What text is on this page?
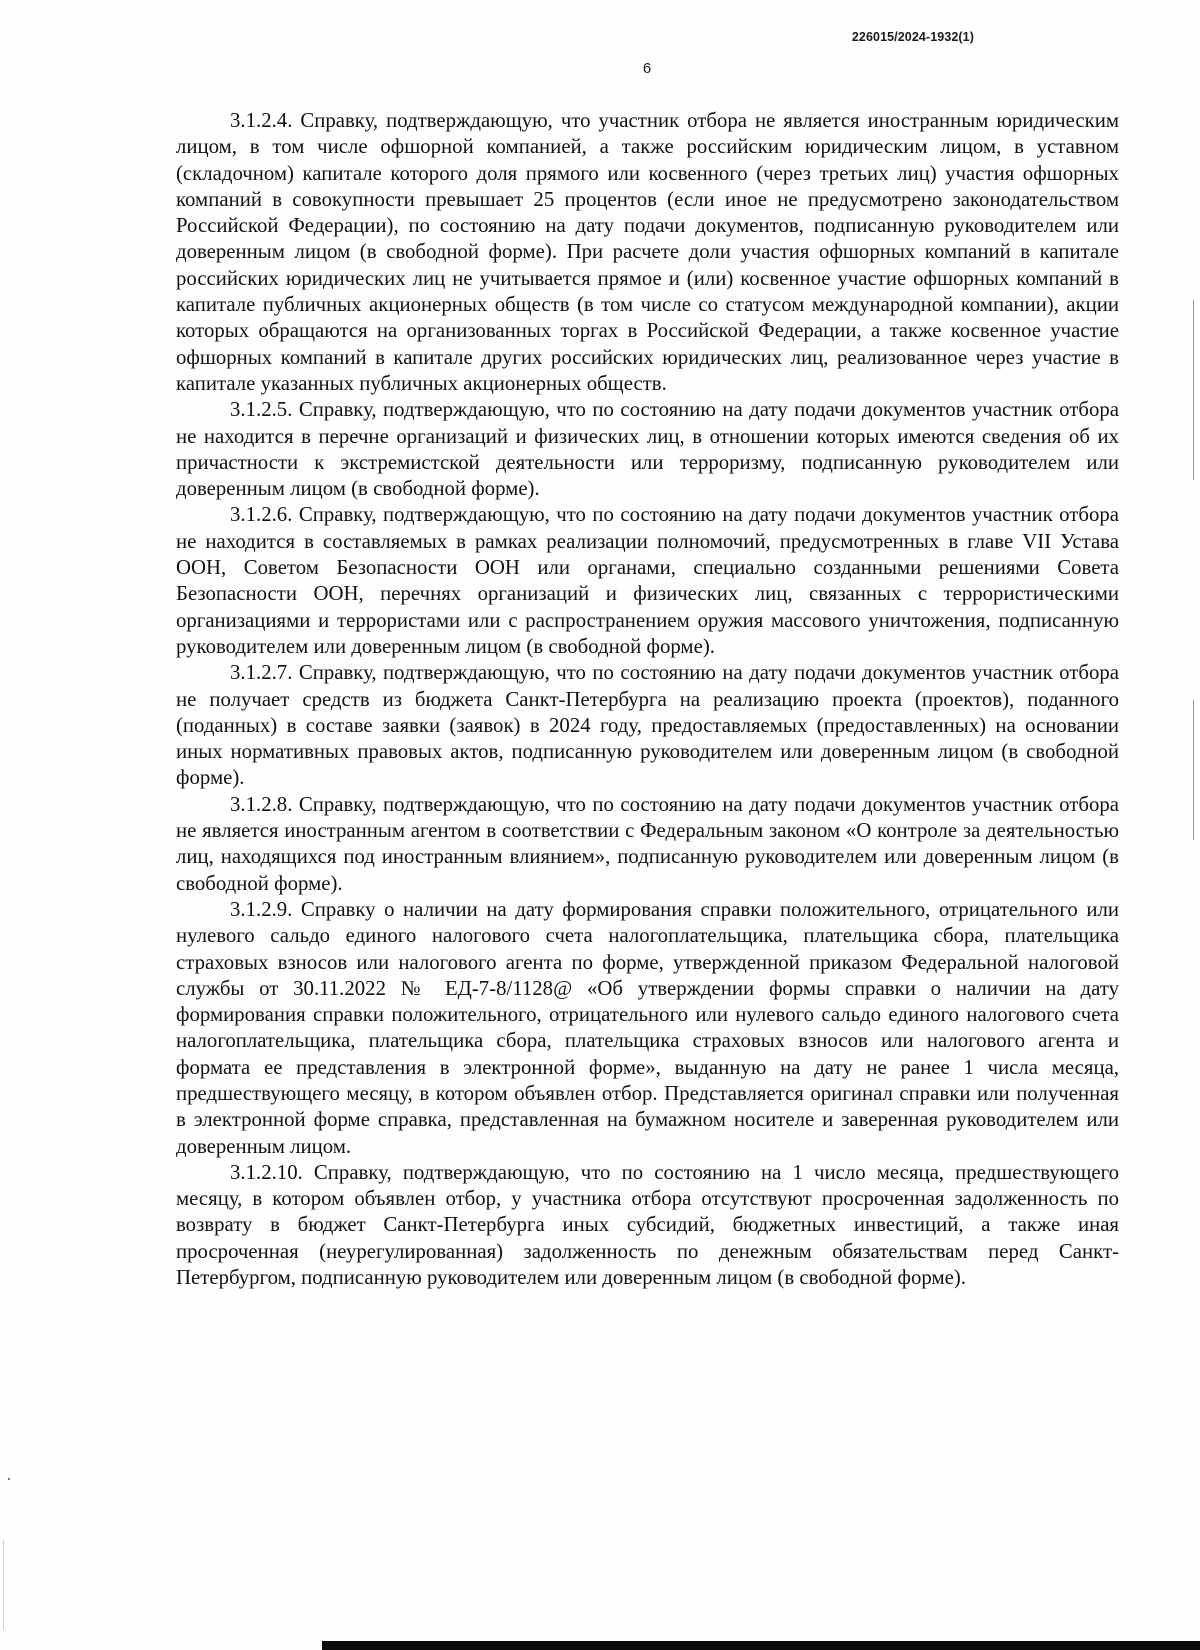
226015/2024-1932(1)
6

3.1.2.4. Справку, подтверждающую, что участник отбора не является иностранным юридическим лицом, в том числе офшорной компанией, а также российским юридическим лицом, в уставном (складочном) капитале которого доля прямого или косвенного (через третьих лиц) участия офшорных компаний в совокупности превышает 25 процентов (если иное не предусмотрено законодательством Российской Федерации), по состоянию на дату подачи документов, подписанную руководителем или доверенным лицом (в свободной форме). При расчете доли участия офшорных компаний в капитале российских юридических лиц не учитывается прямое и (или) косвенное участие офшорных компаний в капитале публичных акционерных обществ (в том числе со статусом международной компании), акции которых обращаются на организованных торгах в Российской Федерации, а также косвенное участие офшорных компаний в капитале других российских юридических лиц, реализованное через участие в капитале указанных публичных акционерных обществ.

3.1.2.5. Справку, подтверждающую, что по состоянию на дату подачи документов участник отбора не находится в перечне организаций и физических лиц, в отношении которых имеются сведения об их причастности к экстремистской деятельности или терроризму, подписанную руководителем или доверенным лицом (в свободной форме).

3.1.2.6. Справку, подтверждающую, что по состоянию на дату подачи документов участник отбора не находится в составляемых в рамках реализации полномочий, предусмотренных в главе VII Устава ООН, Советом Безопасности ООН или органами, специально созданными решениями Совета Безопасности ООН, перечнях организаций и физических лиц, связанных с террористическими организациями и террористами или с распространением оружия массового уничтожения, подписанную руководителем или доверенным лицом (в свободной форме).

3.1.2.7. Справку, подтверждающую, что по состоянию на дату подачи документов участник отбора не получает средств из бюджета Санкт-Петербурга на реализацию проекта (проектов), поданного (поданных) в составе заявки (заявок) в 2024 году, предоставляемых (предоставленных) на основании иных нормативных правовых актов, подписанную руководителем или доверенным лицом (в свободной форме).

3.1.2.8. Справку, подтверждающую, что по состоянию на дату подачи документов участник отбора не является иностранным агентом в соответствии с Федеральным законом «О контроле за деятельностью лиц, находящихся под иностранным влиянием», подписанную руководителем или доверенным лицом (в свободной форме).

3.1.2.9. Справку о наличии на дату формирования справки положительного, отрицательного или нулевого сальдо единого налогового счета налогоплательщика, плательщика сбора, плательщика страховых взносов или налогового агента по форме, утвержденной приказом Федеральной налоговой службы от 30.11.2022 № ЕД-7-8/1128@ «Об утверждении формы справки о наличии на дату формирования справки положительного, отрицательного или нулевого сальдо единого налогового счета налогоплательщика, плательщика сбора, плательщика страховых взносов или налогового агента и формата ее представления в электронной форме», выданную на дату не ранее 1 числа месяца, предшествующего месяцу, в котором объявлен отбор. Представляется оригинал справки или полученная в электронной форме справка, представленная на бумажном носителе и заверенная руководителем или доверенным лицом.

3.1.2.10. Справку, подтверждающую, что по состоянию на 1 число месяца, предшествующего месяцу, в котором объявлен отбор, у участника отбора отсутствуют просроченная задолженность по возврату в бюджет Санкт-Петербурга иных субсидий, бюджетных инвестиций, а также иная просроченная (неурегулированная) задолженность по денежным обязательствам перед Санкт-Петербургом, подписанную руководителем или доверенным лицом (в свободной форме).
